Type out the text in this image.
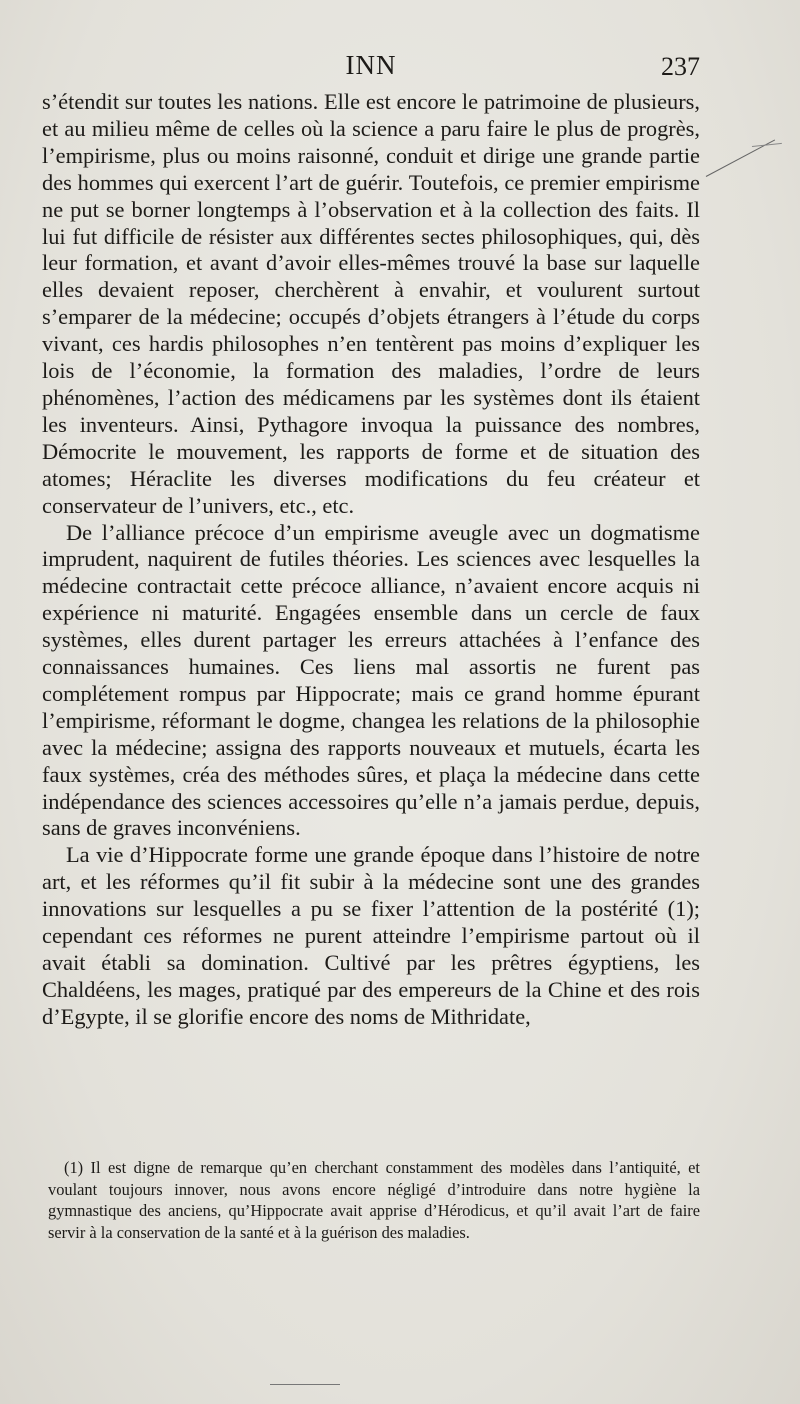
INN	237

s’étendit sur toutes les nations. Elle est encore le patrimoine de plusieurs, et au milieu même de celles où la science a paru faire le plus de progrès, l’empirisme, plus ou moins raisonné, conduit et dirige une grande partie des hommes qui exercent l’art de guérir. Toutefois, ce premier empirisme ne put se borner longtemps à l’observation et à la collection des faits. Il lui fut difficile de résister aux différentes sectes philosophiques, qui, dès leur formation, et avant d’avoir elles-mêmes trouvé la base sur laquelle elles devaient reposer, cherchèrent à envahir, et voulurent surtout s’emparer de la médecine; occupés d’objets étrangers à l’étude du corps vivant, ces hardis philosophes n’en tentèrent pas moins d’expliquer les lois de l’économie, la formation des maladies, l’ordre de leurs phénomènes, l’action des médicamens par les systèmes dont ils étaient les inventeurs. Ainsi, Pythagore invoqua la puissance des nombres, Démocrite le mouvement, les rapports de forme et de situation des atomes; Héraclite les diverses modifications du feu créateur et conservateur de l’univers, etc., etc.

De l’alliance précoce d’un empirisme aveugle avec un dogmatisme imprudent, naquirent de futiles théories. Les sciences avec lesquelles la médecine contractait cette précoce alliance, n’avaient encore acquis ni expérience ni maturité. Engagées ensemble dans un cercle de faux systèmes, elles durent partager les erreurs attachées à l’enfance des connaissances humaines. Ces liens mal assortis ne furent pas complétement rompus par Hippocrate; mais ce grand homme épurant l’empirisme, réformant le dogme, changea les relations de la philosophie avec la médecine; assigna des rapports nouveaux et mutuels, écarta les faux systèmes, créa des méthodes sûres, et plaça la médecine dans cette indépendance des sciences accessoires qu’elle n’a jamais perdue, depuis, sans de graves inconvéniens.

La vie d’Hippocrate forme une grande époque dans l’histoire de notre art, et les réformes qu’il fit subir à la médecine sont une des grandes innovations sur lesquelles a pu se fixer l’attention de la postérité (1); cependant ces réformes ne purent atteindre l’empirisme partout où il avait établi sa domination. Cultivé par les prêtres égyptiens, les Chaldéens, les mages, pratiqué par des empereurs de la Chine et des rois d’Egypte, il se glorifie encore des noms de Mithridate,

(1) Il est digne de remarque qu’en cherchant constamment des modèles dans l’antiquité, et voulant toujours innover, nous avons encore négligé d’introduire dans notre hygiène la gymnastique des anciens, qu’Hippocrate avait apprise d’Hérodicus, et qu’il avait l’art de faire servir à la conservation de la santé et à la guérison des maladies.
